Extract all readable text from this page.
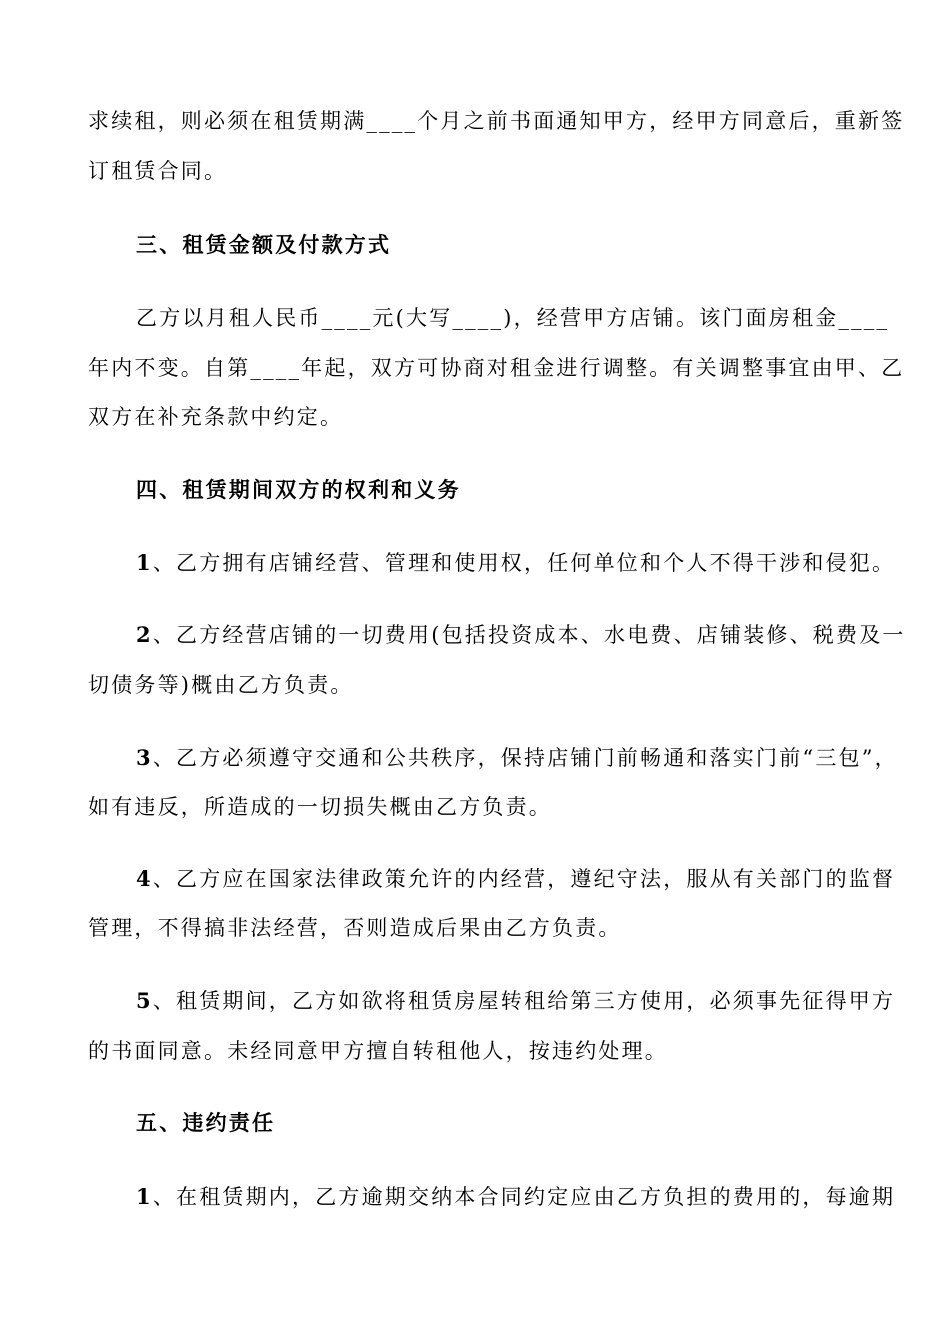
求续租，则必须在租赁期满____个月之前书面通知甲方，经甲方同意后，重新签
订租赁合同。
三、租赁金额及付款方式
乙方以月租人民币____元(大写____)，经营甲方店铺。该门面房租金____
年内不变。自第____年起，双方可协商对租金进行调整。有关调整事宜由甲、乙
双方在补充条款中约定。
四、租赁期间双方的权利和义务
1、乙方拥有店铺经营、管理和使用权，任何单位和个人不得干涉和侵犯。
2、乙方经营店铺的一切费用(包括投资成本、水电费、店铺装修、税费及一
切债务等)概由乙方负责。
3、乙方必须遵守交通和公共秩序，保持店铺门前畅通和落实门前“三包”，
如有违反，所造成的一切损失概由乙方负责。
4、乙方应在国家法律政策允许的内经营，遵纪守法，服从有关部门的监督
管理，不得搞非法经营，否则造成后果由乙方负责。
5、租赁期间，乙方如欲将租赁房屋转租给第三方使用，必须事先征得甲方
的书面同意。未经同意甲方擅自转租他人，按违约处理。
五、违约责任
1、在租赁期内，乙方逾期交纳本合同约定应由乙方负担的费用的，每逾期
